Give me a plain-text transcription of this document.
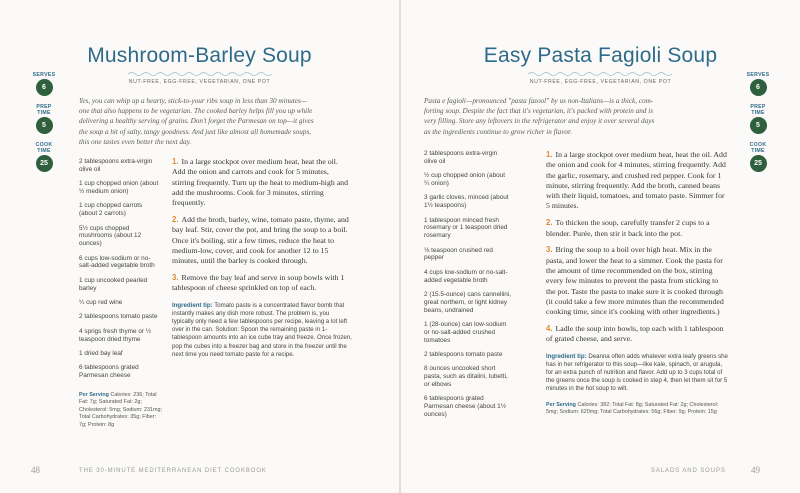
Mushroom-Barley Soup
NUT-FREE, EGG-FREE, VEGETARIAN, ONE POT
SERVES
6
PREP
TIME
5
COOK
TIME
25
Yes, you can whip up a hearty, stick-to-your ribs soup in less than 30 minutes—
one that also happens to be vegetarian. The cooked barley helps fill you up while
delivering a healthy serving of grains. Don't forget the Parmesan on top—it gives
the soup a hit of salty, tangy goodness. And just like almost all homemade soups,
this one tastes even better the next day.
2 tablespoons extra-virgin olive oil
1 cup chopped onion (about ½ medium onion)
1 cup chopped carrots (about 2 carrots)
5½ cups chopped mushrooms (about 12 ounces)
6 cups low-sodium or no-salt-added vegetable broth
1 cup uncooked pearled barley
¼ cup red wine
2 tablespoons tomato paste
4 sprigs fresh thyme or ½ teaspoon dried thyme
1 dried bay leaf
6 tablespoons grated Parmesan cheese
Per Serving Calories: 236; Total Fat: 7g; Saturated Fat: 2g; Cholesterol: 5mg; Sodium: 231mg; Total Carbohydrates: 35g; Fiber: 7g; Protein: 8g
1. In a large stockpot over medium heat, heat the oil. Add the onion and carrots and cook for 5 minutes, stirring frequently. Turn up the heat to medium-high and add the mushrooms. Cook for 3 minutes, stirring frequently.
2. Add the broth, barley, wine, tomato paste, thyme, and bay leaf. Stir, cover the pot, and bring the soup to a boil. Once it's boiling, stir a few times, reduce the heat to medium-low, cover, and cook for another 12 to 15 minutes, until the barley is cooked through.
3. Remove the bay leaf and serve in soup bowls with 1 tablespoon of cheese sprinkled on top of each.
Ingredient tip: Tomato paste is a concentrated flavor bomb that instantly makes any dish more robust. The problem is, you typically only need a few tablespoons per recipe, leaving a lot left over in the can. Solution: Spoon the remaining paste in 1-tablespoon amounts into an ice cube tray and freeze. Once frozen, pop the cubes into a freezer bag and store in the freezer until the next time you need tomato paste for a recipe.
48	THE 30-MINUTE MEDITERRANEAN DIET COOKBOOK
Easy Pasta Fagioli Soup
NUT-FREE, EGG-FREE, VEGETARIAN, ONE POT
Pasta e fagioli—pronounced "pasta fazool" by us non-Italians—is a thick, com-
forting soup. Despite the fact that it's vegetarian, it's packed with protein and is
very filling. Store any leftovers in the refrigerator and enjoy it over several days
as the ingredients continue to grow richer in flavor.
2 tablespoons extra-virgin olive oil
½ cup chopped onion (about ¼ onion)
3 garlic cloves, minced (about 1½ teaspoons)
1 tablespoon minced fresh rosemary or 1 teaspoon dried rosemary
⅛ teaspoon crushed red pepper
4 cups low-sodium or no-salt-added vegetable broth
2 (15.5-ounce) cans cannellini, great northern, or light kidney beans, undrained
1 (28-ounce) can low-sodium or no-salt-added crushed tomatoes
2 tablespoons tomato paste
8 ounces uncooked short pasta, such as ditalini, tubetti, or elbows
6 tablespoons grated Parmesan cheese (about 1½ ounces)
1. In a large stockpot over medium heat, heat the oil. Add the onion and cook for 4 minutes, stirring frequently. Add the garlic, rosemary, and crushed red pepper. Cook for 1 minute, stirring frequently. Add the broth, canned beans with their liquid, tomatoes, and tomato paste. Simmer for 5 minutes.
2. To thicken the soup, carefully transfer 2 cups to a blender. Purée, then stir it back into the pot.
3. Bring the soup to a boil over high heat. Mix in the pasta, and lower the heat to a simmer. Cook the pasta for the amount of time recommended on the box, stirring every few minutes to prevent the pasta from sticking to the pot. Taste the pasta to make sure it is cooked through (it could take a few more minutes than the recommended cooking time, since it's cooking with other ingredients.)
4. Ladle the soup into bowls, top each with 1 tablespoon of grated cheese, and serve.
Ingredient tip: Deanna often adds whatever extra leafy greens she has in her refrigerator to this soup—like kale, spinach, or arugula, for an extra punch of nutrition and flavor. Add up to 3 cups total of the greens once the soup is cooked in step 4, then let them sit for 5 minutes in the hot soup to wilt.
Per Serving Calories: 382; Total Fat: 8g; Saturated Fat: 2g; Cholesterol: 5mg; Sodium: 620mg; Total Carbohydrates: 56g; Fiber: 9g; Protein: 15g
SERVES
6
PREP
TIME
5
COOK
TIME
25
SALADS AND SOUPS	49
